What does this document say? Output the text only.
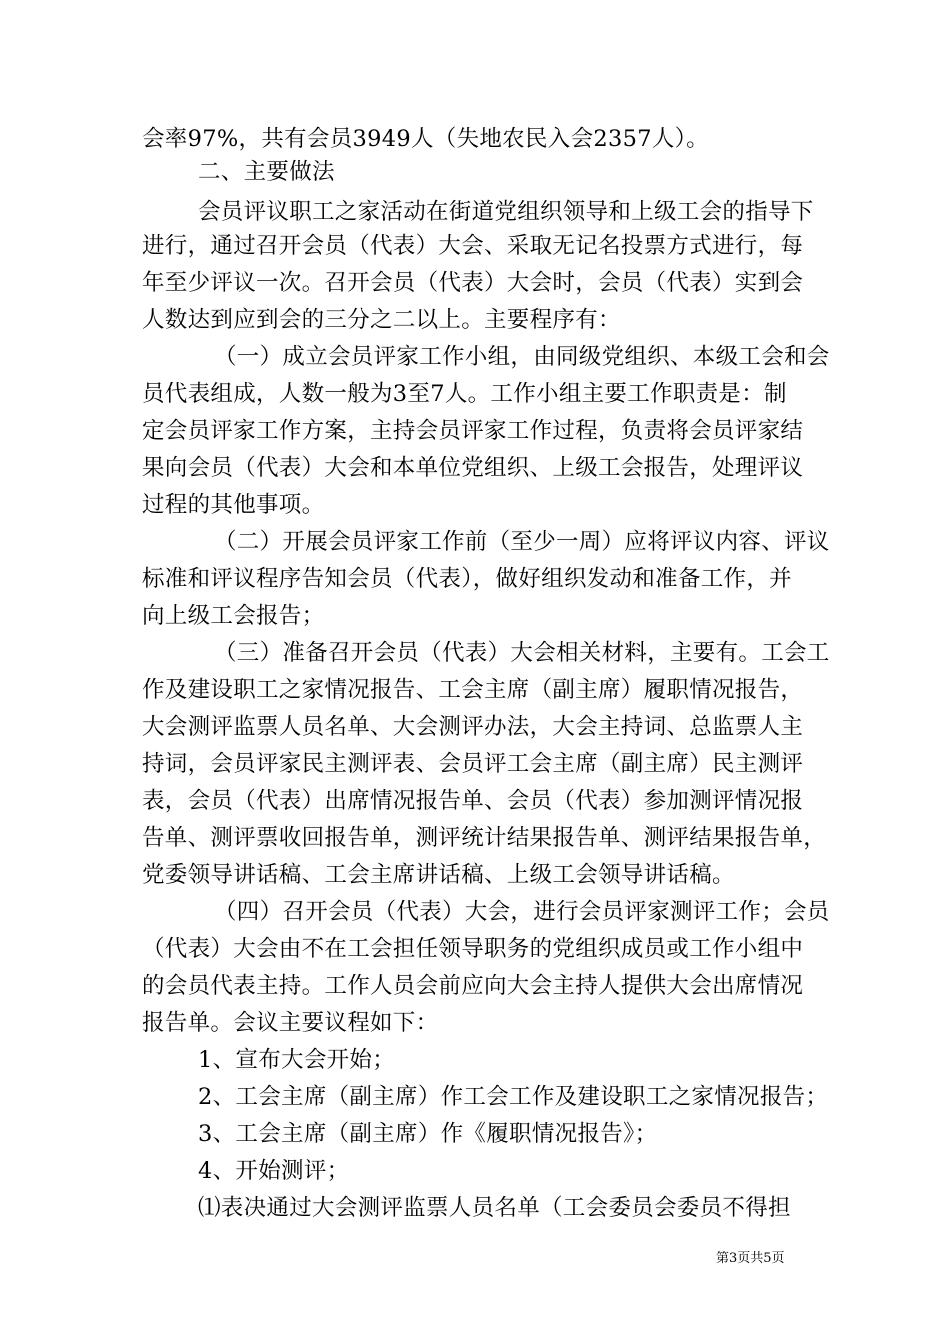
会率97%，共有会员3949人（失地农民入会2357人）。
二、主要做法
会员评议职工之家活动在街道党组织领导和上级工会的指导下
进行，通过召开会员（代表）大会、采取无记名投票方式进行，每
年至少评议一次。召开会员（代表）大会时，会员（代表）实到会
人数达到应到会的三分之二以上。主要程序有：
（一）成立会员评家工作小组，由同级党组织、本级工会和会
员代表组成，人数一般为3至7人。工作小组主要工作职责是：制
定会员评家工作方案，主持会员评家工作过程，负责将会员评家结
果向会员（代表）大会和本单位党组织、上级工会报告，处理评议
过程的其他事项。
（二）开展会员评家工作前（至少一周）应将评议内容、评议
标准和评议程序告知会员（代表），做好组织发动和准备工作，并
向上级工会报告；
（三）准备召开会员（代表）大会相关材料，主要有。工会工
作及建设职工之家情况报告、工会主席（副主席）履职情况报告，
大会测评监票人员名单、大会测评办法，大会主持词、总监票人主
持词，会员评家民主测评表、会员评工会主席（副主席）民主测评
表，会员（代表）出席情况报告单、会员（代表）参加测评情况报
告单、测评票收回报告单，测评统计结果报告单、测评结果报告单，
党委领导讲话稿、工会主席讲话稿、上级工会领导讲话稿。
（四）召开会员（代表）大会，进行会员评家测评工作；会员
（代表）大会由不在工会担任领导职务的党组织成员或工作小组中
的会员代表主持。工作人员会前应向大会主持人提供大会出席情况
报告单。会议主要议程如下：
1、宣布大会开始；
2、工会主席（副主席）作工会工作及建设职工之家情况报告；
3、工会主席（副主席）作《履职情况报告》；
4、开始测评；
⑴表决通过大会测评监票人员名单（工会委员会委员不得担
第3页共5页
